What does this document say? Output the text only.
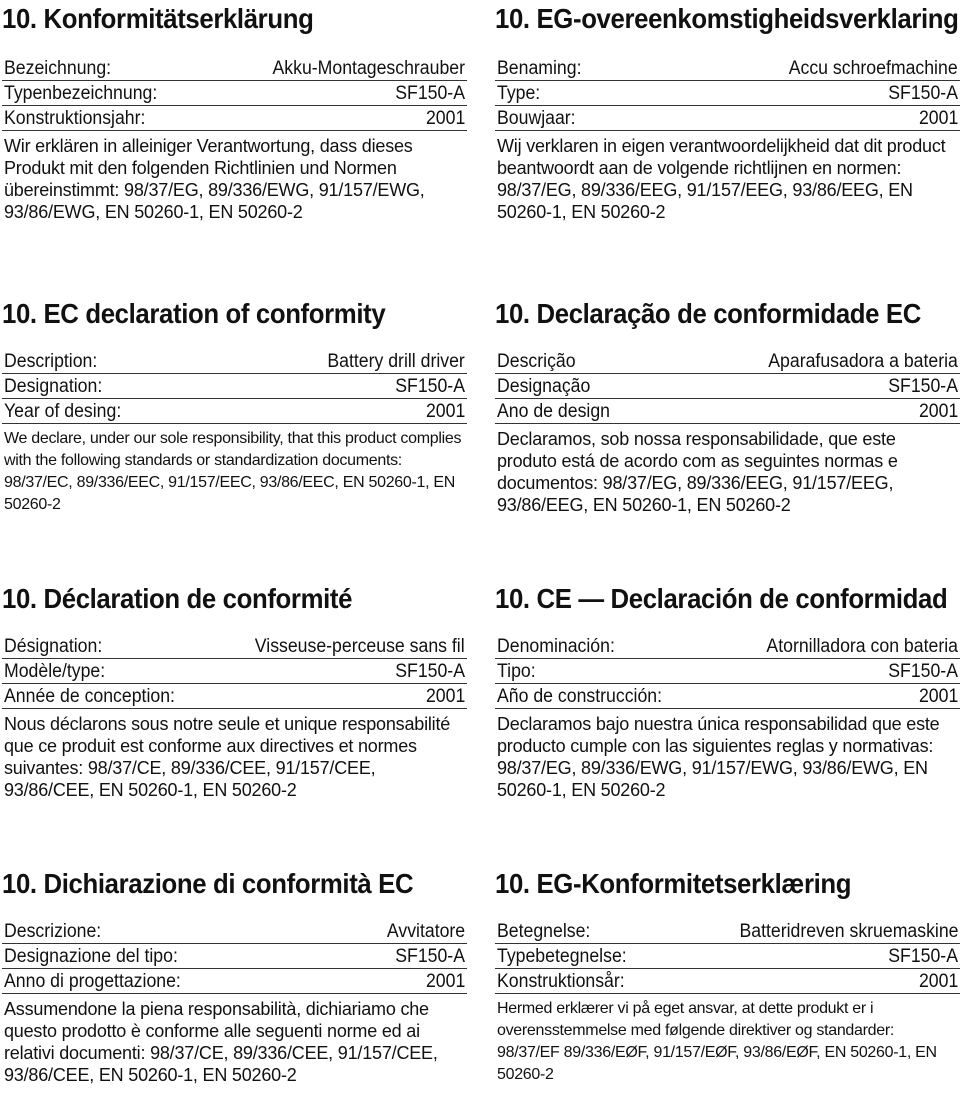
10. Konformitätserklärung
Bezeichnung:	Akku-Montageschrauber
Typenbezeichnung:	SF150-A
Konstruktionsjahr:	2001

Wir erklären in alleiniger Verantwortung, dass dieses Produkt mit den folgenden Richtlinien und Normen übereinstimmt: 98/37/EG, 89/336/EWG, 91/157/EWG, 93/86/EWG, EN 50260-1, EN 50260-2

10. EG-overeenkomstigheidsverklaring
Benaming:	Accu schroefmachine
Type:	SF150-A
Bouwjaar:	2001

Wij verklaren in eigen verantwoordelijkheid dat dit product beantwoordt aan de volgende richtlijnen en normen: 98/37/EG, 89/336/EEG, 91/157/EEG, 93/86/EEG, EN 50260-1, EN 50260-2

10. EC declaration of conformity
Description:	Battery drill driver
Designation:	SF150-A
Year of desing:	2001

We declare, under our sole responsibility, that this product complies with the following standards or standardization documents: 98/37/EC, 89/336/EEC, 91/157/EEC, 93/86/EEC, EN 50260-1, EN 50260-2

10. Declaração de conformidade EC
Descrição	Aparafusadora a bateria
Designação	SF150-A
Ano de design	2001

Declaramos, sob nossa responsabilidade, que este produto está de acordo com as seguintes normas e documentos: 98/37/EG, 89/336/EEG, 91/157/EEG, 93/86/EEG, EN 50260-1, EN 50260-2

10. Déclaration de conformité
Désignation:	Visseuse-perceuse sans fil
Modèle/type:	SF150-A
Année de conception:	2001

Nous déclarons sous notre seule et unique responsabilité que ce produit est conforme aux directives et normes suivantes: 98/37/CE, 89/336/CEE, 91/157/CEE, 93/86/CEE, EN 50260-1, EN 50260-2

10. CE — Declaración de conformidad
Denominación:	Atornilladora con bateria
Tipo:	SF150-A
Año de construcción:	2001

Declaramos bajo nuestra única responsabilidad que este producto cumple con las siguientes reglas y normativas: 98/37/EG, 89/336/EWG, 91/157/EWG, 93/86/EWG, EN 50260-1, EN 50260-2

10. Dichiarazione di conformità EC
Descrizione:	Avvitatore
Designazione del tipo:	SF150-A
Anno di progettazione:	2001

Assumendone la piena responsabilità, dichiariamo che questo prodotto è conforme alle seguenti norme ed ai relativi documenti: 98/37/CE, 89/336/CEE, 91/157/CEE, 93/86/CEE, EN 50260-1, EN 50260-2

10. EG-Konformitetserklæring
Betegnelse:	Batteridreven skruemaskine
Typebetegnelse:	SF150-A
Konstruktionsår:	2001

Hermed erklærer vi på eget ansvar, at dette produkt er i overensstemmelse med følgende direktiver og standarder: 98/37/EF 89/336/EØF, 91/157/EØF, 93/86/EØF, EN 50260-1, EN 50260-2
